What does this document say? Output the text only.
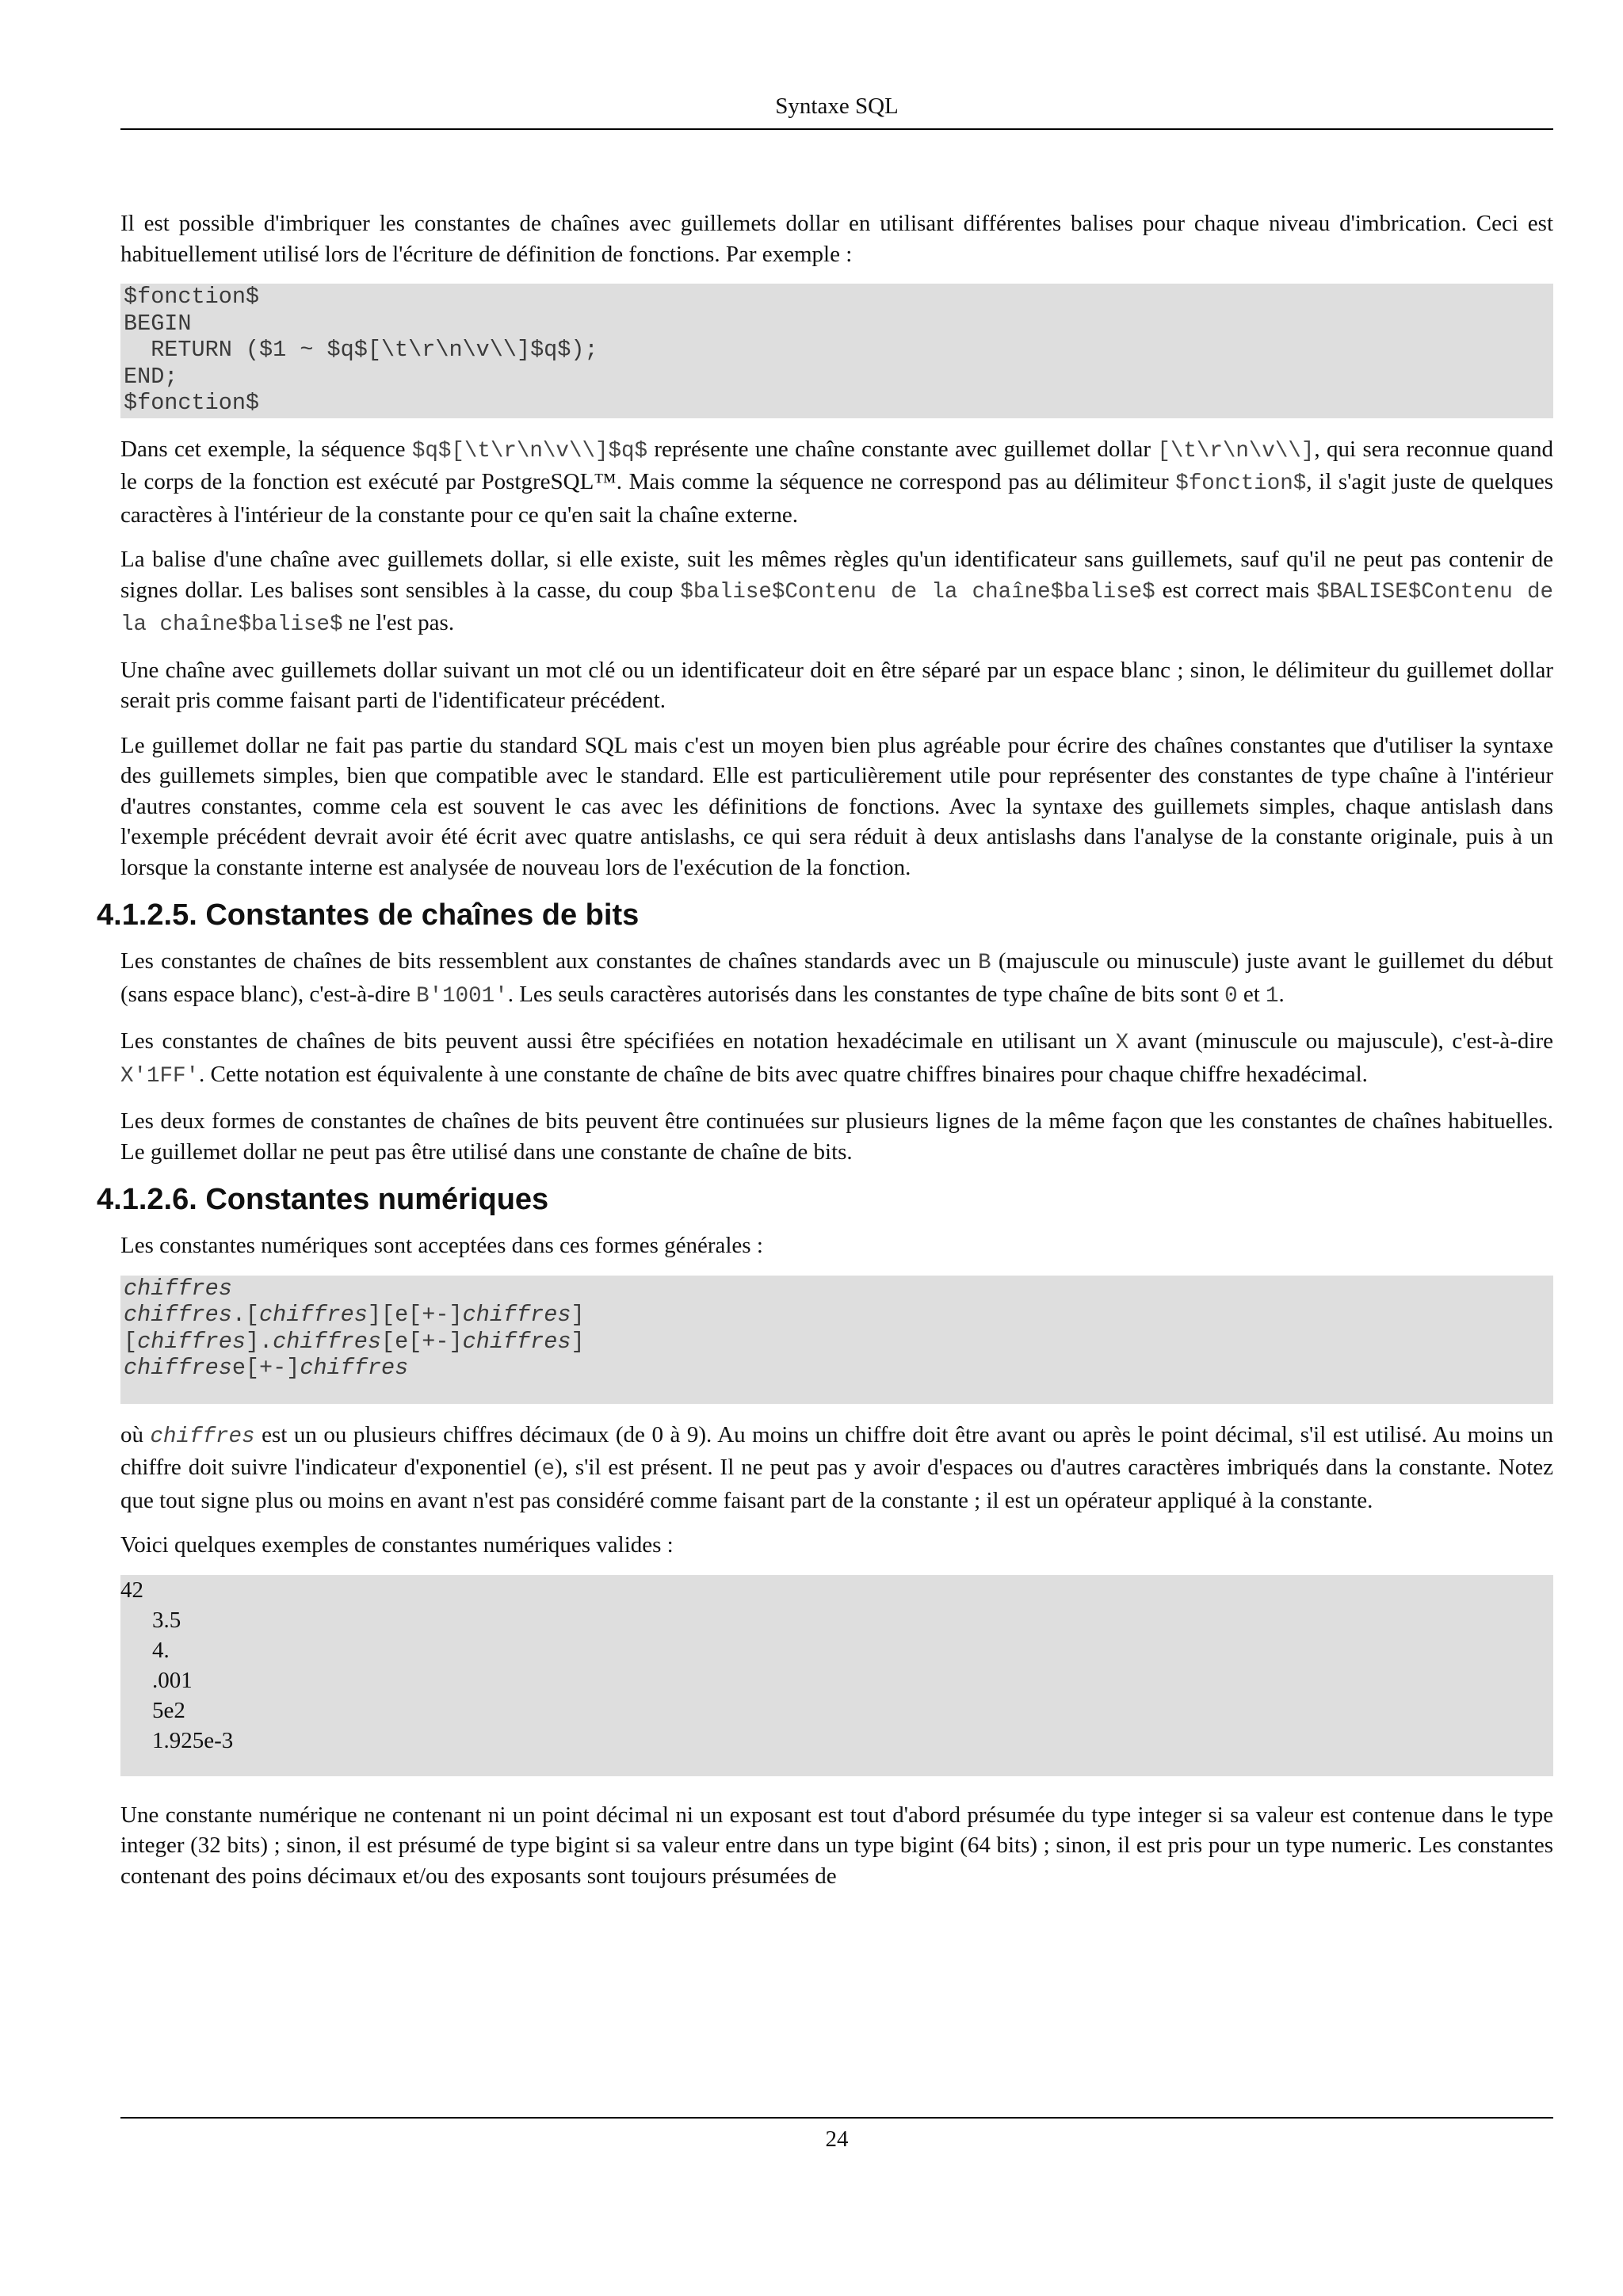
Syntaxe SQL

Il est possible d'imbriquer les constantes de chaînes avec guillemets dollar en utilisant différentes balises pour chaque niveau d'imbrication. Ceci est habituellement utilisé lors de l'écriture de définition de fonctions. Par exemple :

$fonction$
BEGIN
RETURN ($1 ~ $q$[\t\r\n\v\\]$q$);
END;
$fonction$

Dans cet exemple, la séquence $q$[\t\r\n\v\\]$q$ représente une chaîne constante avec guillemet dollar [\t\r\n\v\\], qui sera reconnue quand le corps de la fonction est exécuté par PostgreSQL™. Mais comme la séquence ne correspond pas au délimiteur $fonction$, il s'agit juste de quelques caractères à l'intérieur de la constante pour ce qu'en sait la chaîne externe.

La balise d'une chaîne avec guillemets dollar, si elle existe, suit les mêmes règles qu'un identificateur sans guillemets, sauf qu'il ne peut pas contenir de signes dollar. Les balises sont sensibles à la casse, du coup $balise$Contenu de la chaîne$balise$ est correct mais $BALISE$Contenu de la chaîne$balise$ ne l'est pas.

Une chaîne avec guillemets dollar suivant un mot clé ou un identificateur doit en être séparé par un espace blanc ; sinon, le délimiteur du guillemet dollar serait pris comme faisant parti de l'identificateur précédent.

Le guillemet dollar ne fait pas partie du standard SQL mais c'est un moyen bien plus agréable pour écrire des chaînes constantes que d'utiliser la syntaxe des guillemets simples, bien que compatible avec le standard. Elle est particulièrement utile pour représenter des constantes de type chaîne à l'intérieur d'autres constantes, comme cela est souvent le cas avec les définitions de fonctions. Avec la syntaxe des guillemets simples, chaque antislash dans l'exemple précédent devrait avoir été écrit avec quatre antislashs, ce qui sera réduit à deux antislashs dans l'analyse de la constante originale, puis à un lorsque la constante interne est analysée de nouveau lors de l'exécution de la fonction.

4.1.2.5. Constantes de chaînes de bits

Les constantes de chaînes de bits ressemblent aux constantes de chaînes standards avec un B (majuscule ou minuscule) juste avant le guillemet du début (sans espace blanc), c'est-à-dire B'1001'. Les seuls caractères autorisés dans les constantes de type chaîne de bits sont 0 et 1.

Les constantes de chaînes de bits peuvent aussi être spécifiées en notation hexadécimale en utilisant un X avant (minuscule ou majuscule), c'est-à-dire X'1FF'. Cette notation est équivalente à une constante de chaîne de bits avec quatre chiffres binaires pour chaque chiffre hexadécimal.

Les deux formes de constantes de chaînes de bits peuvent être continuées sur plusieurs lignes de la même façon que les constantes de chaînes habituelles. Le guillemet dollar ne peut pas être utilisé dans une constante de chaîne de bits.

4.1.2.6. Constantes numériques

Les constantes numériques sont acceptées dans ces formes générales :

chiffres
chiffres.[chiffres][e[+-]chiffres]
[chiffres].chiffres[e[+-]chiffres]
chiffrese[+-]chiffres

où chiffres est un ou plusieurs chiffres décimaux (de 0 à 9). Au moins un chiffre doit être avant ou après le point décimal, s'il est utilisé. Au moins un chiffre doit suivre l'indicateur d'exponentiel (e), s'il est présent. Il ne peut pas y avoir d'espaces ou d'autres caractères imbriqués dans la constante. Notez que tout signe plus ou moins en avant n'est pas considéré comme faisant part de la constante ; il est un opérateur appliqué à la constante.

Voici quelques exemples de constantes numériques valides :

42
3.5
4.
.001
5e2
1.925e-3

Une constante numérique ne contenant ni un point décimal ni un exposant est tout d'abord présumée du type integer si sa valeur est contenue dans le type integer (32 bits) ; sinon, il est présumé de type bigint si sa valeur entre dans un type bigint (64 bits) ; sinon, il est pris pour un type numeric. Les constantes contenant des poins décimaux et/ou des exposants sont toujours présumées de

24
